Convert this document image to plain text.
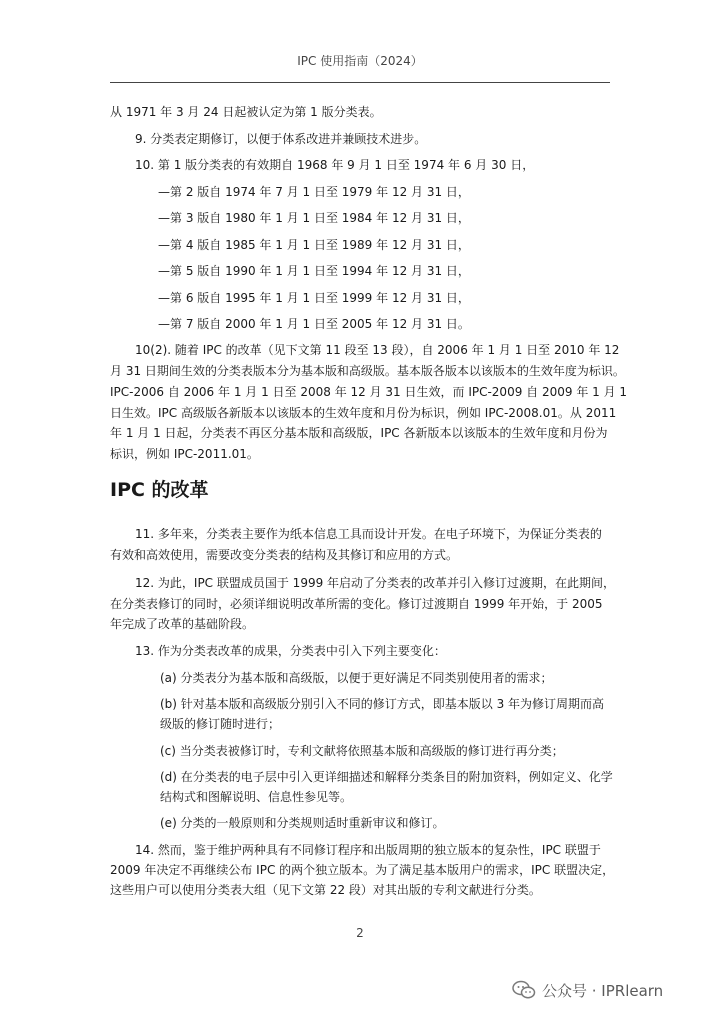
IPC 使用指南（2024）
从 1971 年 3 月 24 日起被认定为第 1 版分类表。
9. 分类表定期修订，以便于体系改进并兼顾技术进步。
10. 第 1 版分类表的有效期自 1968 年 9 月 1 日至 1974 年 6 月 30 日，
—第 2 版自 1974 年 7 月 1 日至 1979 年 12 月 31 日，
—第 3 版自 1980 年 1 月 1 日至 1984 年 12 月 31 日，
—第 4 版自 1985 年 1 月 1 日至 1989 年 12 月 31 日，
—第 5 版自 1990 年 1 月 1 日至 1994 年 12 月 31 日，
—第 6 版自 1995 年 1 月 1 日至 1999 年 12 月 31 日，
—第 7 版自 2000 年 1 月 1 日至 2005 年 12 月 31 日。
10(2). 随着 IPC 的改革（见下文第 11 段至 13 段），自 2006 年 1 月 1 日至 2010 年 12
月 31 日期间生效的分类表版本分为基本版和高级版。基本版各版本以该版本的生效年度为标识。
IPC-2006 自 2006 年 1 月 1 日至 2008 年 12 月 31 日生效，而 IPC-2009 自 2009 年 1 月 1
日生效。IPC 高级版各新版本以该版本的生效年度和月份为标识，例如 IPC-2008.01。从 2011
年 1 月 1 日起，分类表不再区分基本版和高级版，IPC 各新版本以该版本的生效年度和月份为
标识，例如 IPC-2011.01。
IPC 的改革
11. 多年来，分类表主要作为纸本信息工具而设计开发。在电子环境下，为保证分类表的
有效和高效使用，需要改变分类表的结构及其修订和应用的方式。
12. 为此，IPC 联盟成员国于 1999 年启动了分类表的改革并引入修订过渡期，在此期间，
在分类表修订的同时，必须详细说明改革所需的变化。修订过渡期自 1999 年开始，于 2005
年完成了改革的基础阶段。
13. 作为分类表改革的成果，分类表中引入下列主要变化：
(a) 分类表分为基本版和高级版，以便于更好满足不同类别使用者的需求；
(b) 针对基本版和高级版分别引入不同的修订方式，即基本版以 3 年为修订周期而高
级版的修订随时进行；
(c) 当分类表被修订时，专利文献将依照基本版和高级版的修订进行再分类；
(d) 在分类表的电子层中引入更详细描述和解释分类条目的附加资料，例如定义、化学
结构式和图解说明、信息性参见等。
(e) 分类的一般原则和分类规则适时重新审议和修订。
14. 然而，鉴于维护两种具有不同修订程序和出版周期的独立版本的复杂性，IPC 联盟于
2009 年决定不再继续公布 IPC 的两个独立版本。为了满足基本版用户的需求，IPC 联盟决定，
这些用户可以使用分类表大组（见下文第 22 段）对其出版的专利文献进行分类。
2
公众号 · IPRlearn
